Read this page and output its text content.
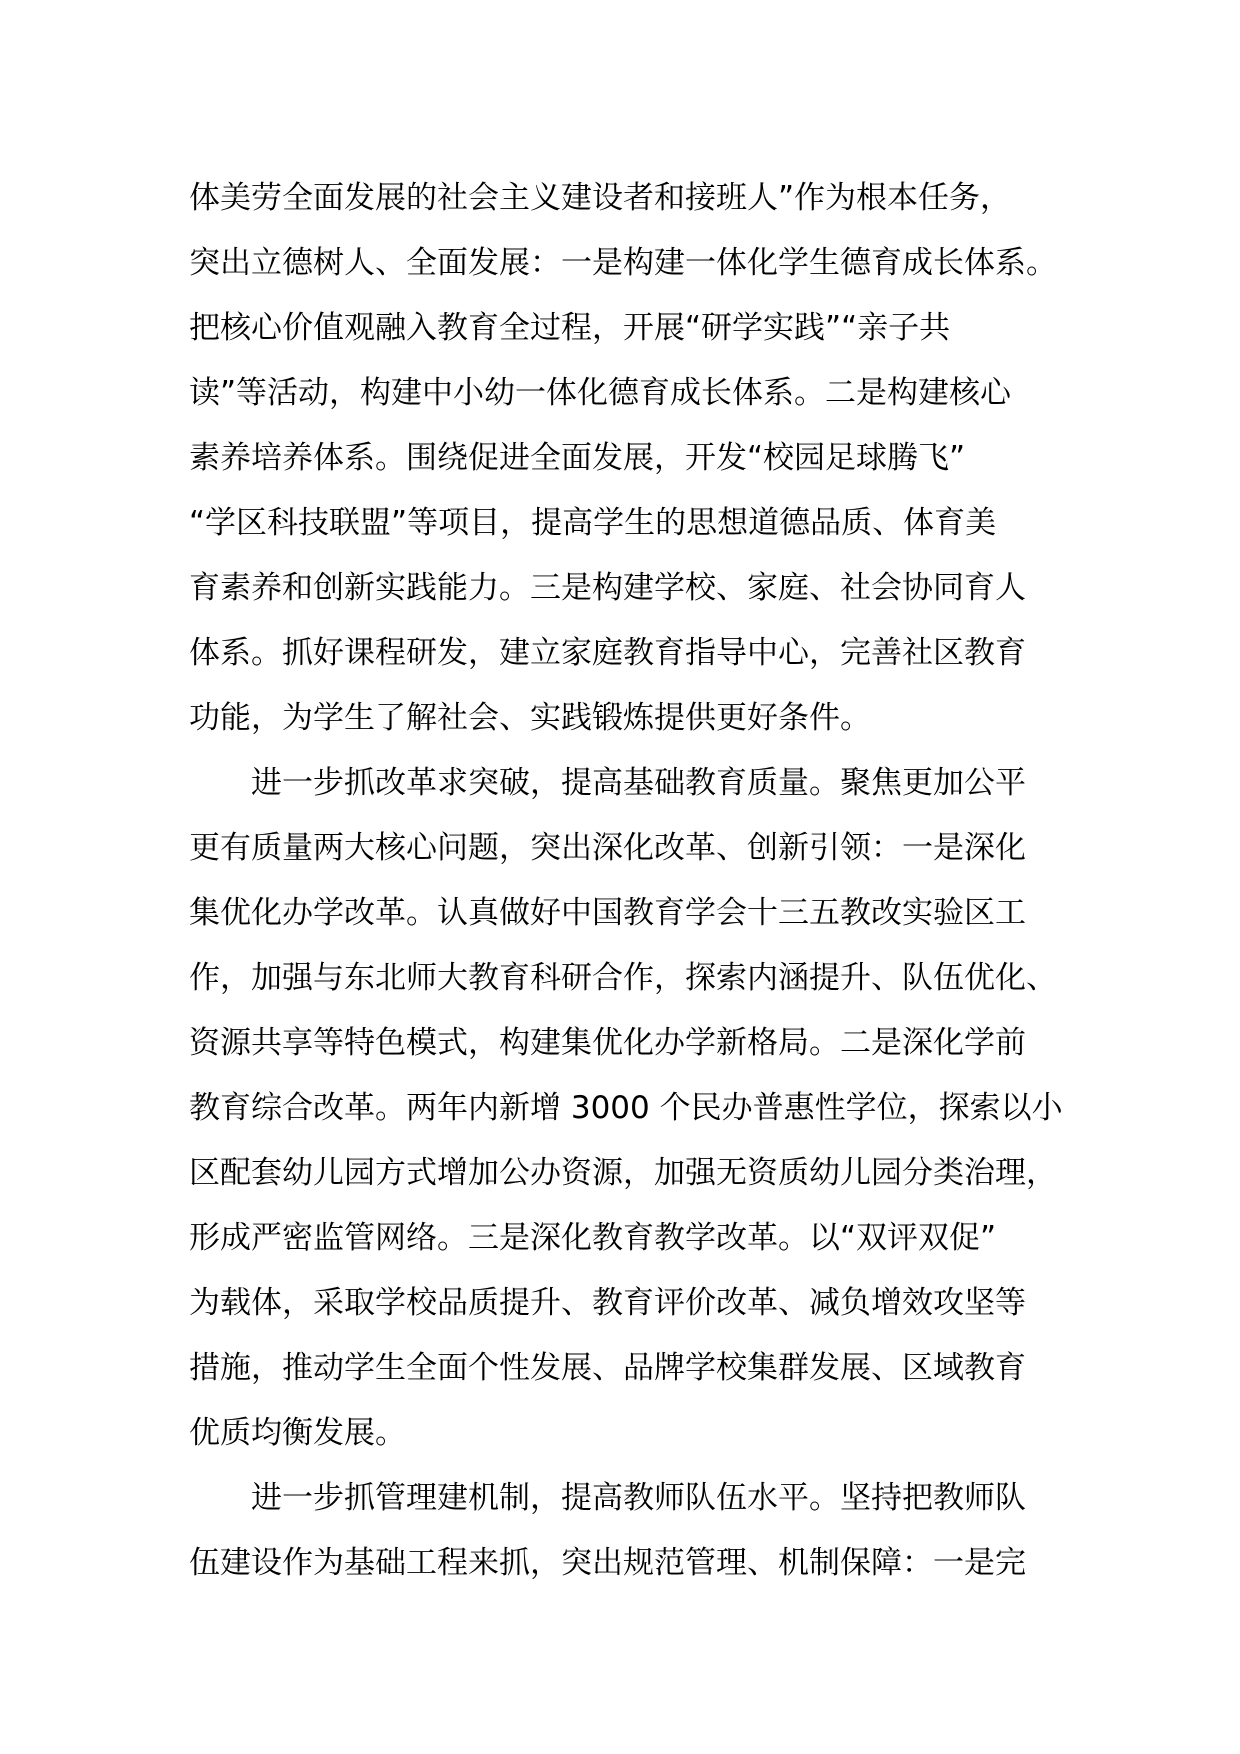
体美劳全面发展的社会主义建设者和接班人”作为根本任务，
突出立德树人、全面发展：一是构建一体化学生德育成长体系。
把核心价值观融入教育全过程，开展“研学实践”“亲子共
读”等活动，构建中小幼一体化德育成长体系。二是构建核心
素养培养体系。围绕促进全面发展，开发“校园足球腾飞”
“学区科技联盟”等项目，提高学生的思想道德品质、体育美
育素养和创新实践能力。三是构建学校、家庭、社会协同育人
体系。抓好课程研发，建立家庭教育指导中心，完善社区教育
功能，为学生了解社会、实践锻炼提供更好条件。
进一步抓改革求突破，提高基础教育质量。聚焦更加公平
更有质量两大核心问题，突出深化改革、创新引领：一是深化
集优化办学改革。认真做好中国教育学会十三五教改实验区工
作，加强与东北师大教育科研合作，探索内涵提升、队伍优化、
资源共享等特色模式，构建集优化办学新格局。二是深化学前
教育综合改革。两年内新增 3000 个民办普惠性学位，探索以小
区配套幼儿园方式增加公办资源，加强无资质幼儿园分类治理，
形成严密监管网络。三是深化教育教学改革。以“双评双促”
为载体，采取学校品质提升、教育评价改革、减负增效攻坚等
措施，推动学生全面个性发展、品牌学校集群发展、区域教育
优质均衡发展。
进一步抓管理建机制，提高教师队伍水平。坚持把教师队
伍建设作为基础工程来抓，突出规范管理、机制保障：一是完
